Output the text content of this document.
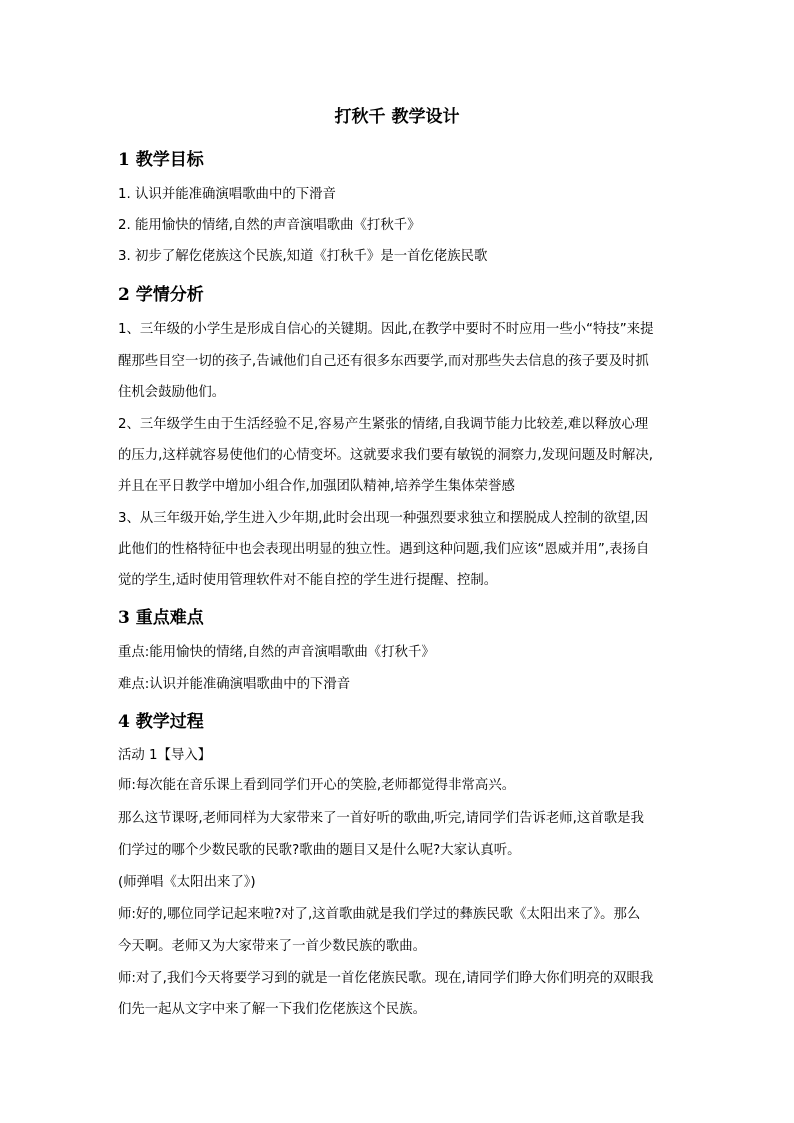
打秋千 教学设计
1 教学目标
1. 认识并能准确演唱歌曲中的下滑音
2. 能用愉快的情绪,自然的声音演唱歌曲《打秋千》
3. 初步了解仡佬族这个民族,知道《打秋千》是一首仡佬族民歌
2 学情分析
1、三年级的小学生是形成自信心的关键期。因此,在教学中要时不时应用一些小“特技”来提
醒那些目空一切的孩子,告诫他们自己还有很多东西要学,而对那些失去信息的孩子要及时抓
住机会鼓励他们。
2、三年级学生由于生活经验不足,容易产生紧张的情绪,自我调节能力比较差,难以释放心理
的压力,这样就容易使他们的心情变坏。这就要求我们要有敏锐的洞察力,发现问题及时解决,
并且在平日教学中增加小组合作,加强团队精神,培养学生集体荣誉感
3、从三年级开始,学生进入少年期,此时会出现一种强烈要求独立和摆脱成人控制的欲望,因
此他们的性格特征中也会表现出明显的独立性。遇到这种问题,我们应该“恩威并用”,表扬自
觉的学生,适时使用管理软件对不能自控的学生进行提醒、控制。
3 重点难点
重点:能用愉快的情绪,自然的声音演唱歌曲《打秋千》
难点:认识并能准确演唱歌曲中的下滑音
4 教学过程
活动 1【导入】
师:每次能在音乐课上看到同学们开心的笑脸,老师都觉得非常高兴。
那么这节课呀,老师同样为大家带来了一首好听的歌曲,听完,请同学们告诉老师,这首歌是我
们学过的哪个少数民歌的民歌?歌曲的题目又是什么呢?大家认真听。
(师弹唱《太阳出来了》)
师:好的,哪位同学记起来啦?对了,这首歌曲就是我们学过的彝族民歌《太阳出来了》。那么
今天啊。老师又为大家带来了一首少数民族的歌曲。
师:对了,我们今天将要学习到的就是一首仡佬族民歌。现在,请同学们睁大你们明亮的双眼我
们先一起从文字中来了解一下我们仡佬族这个民族。
